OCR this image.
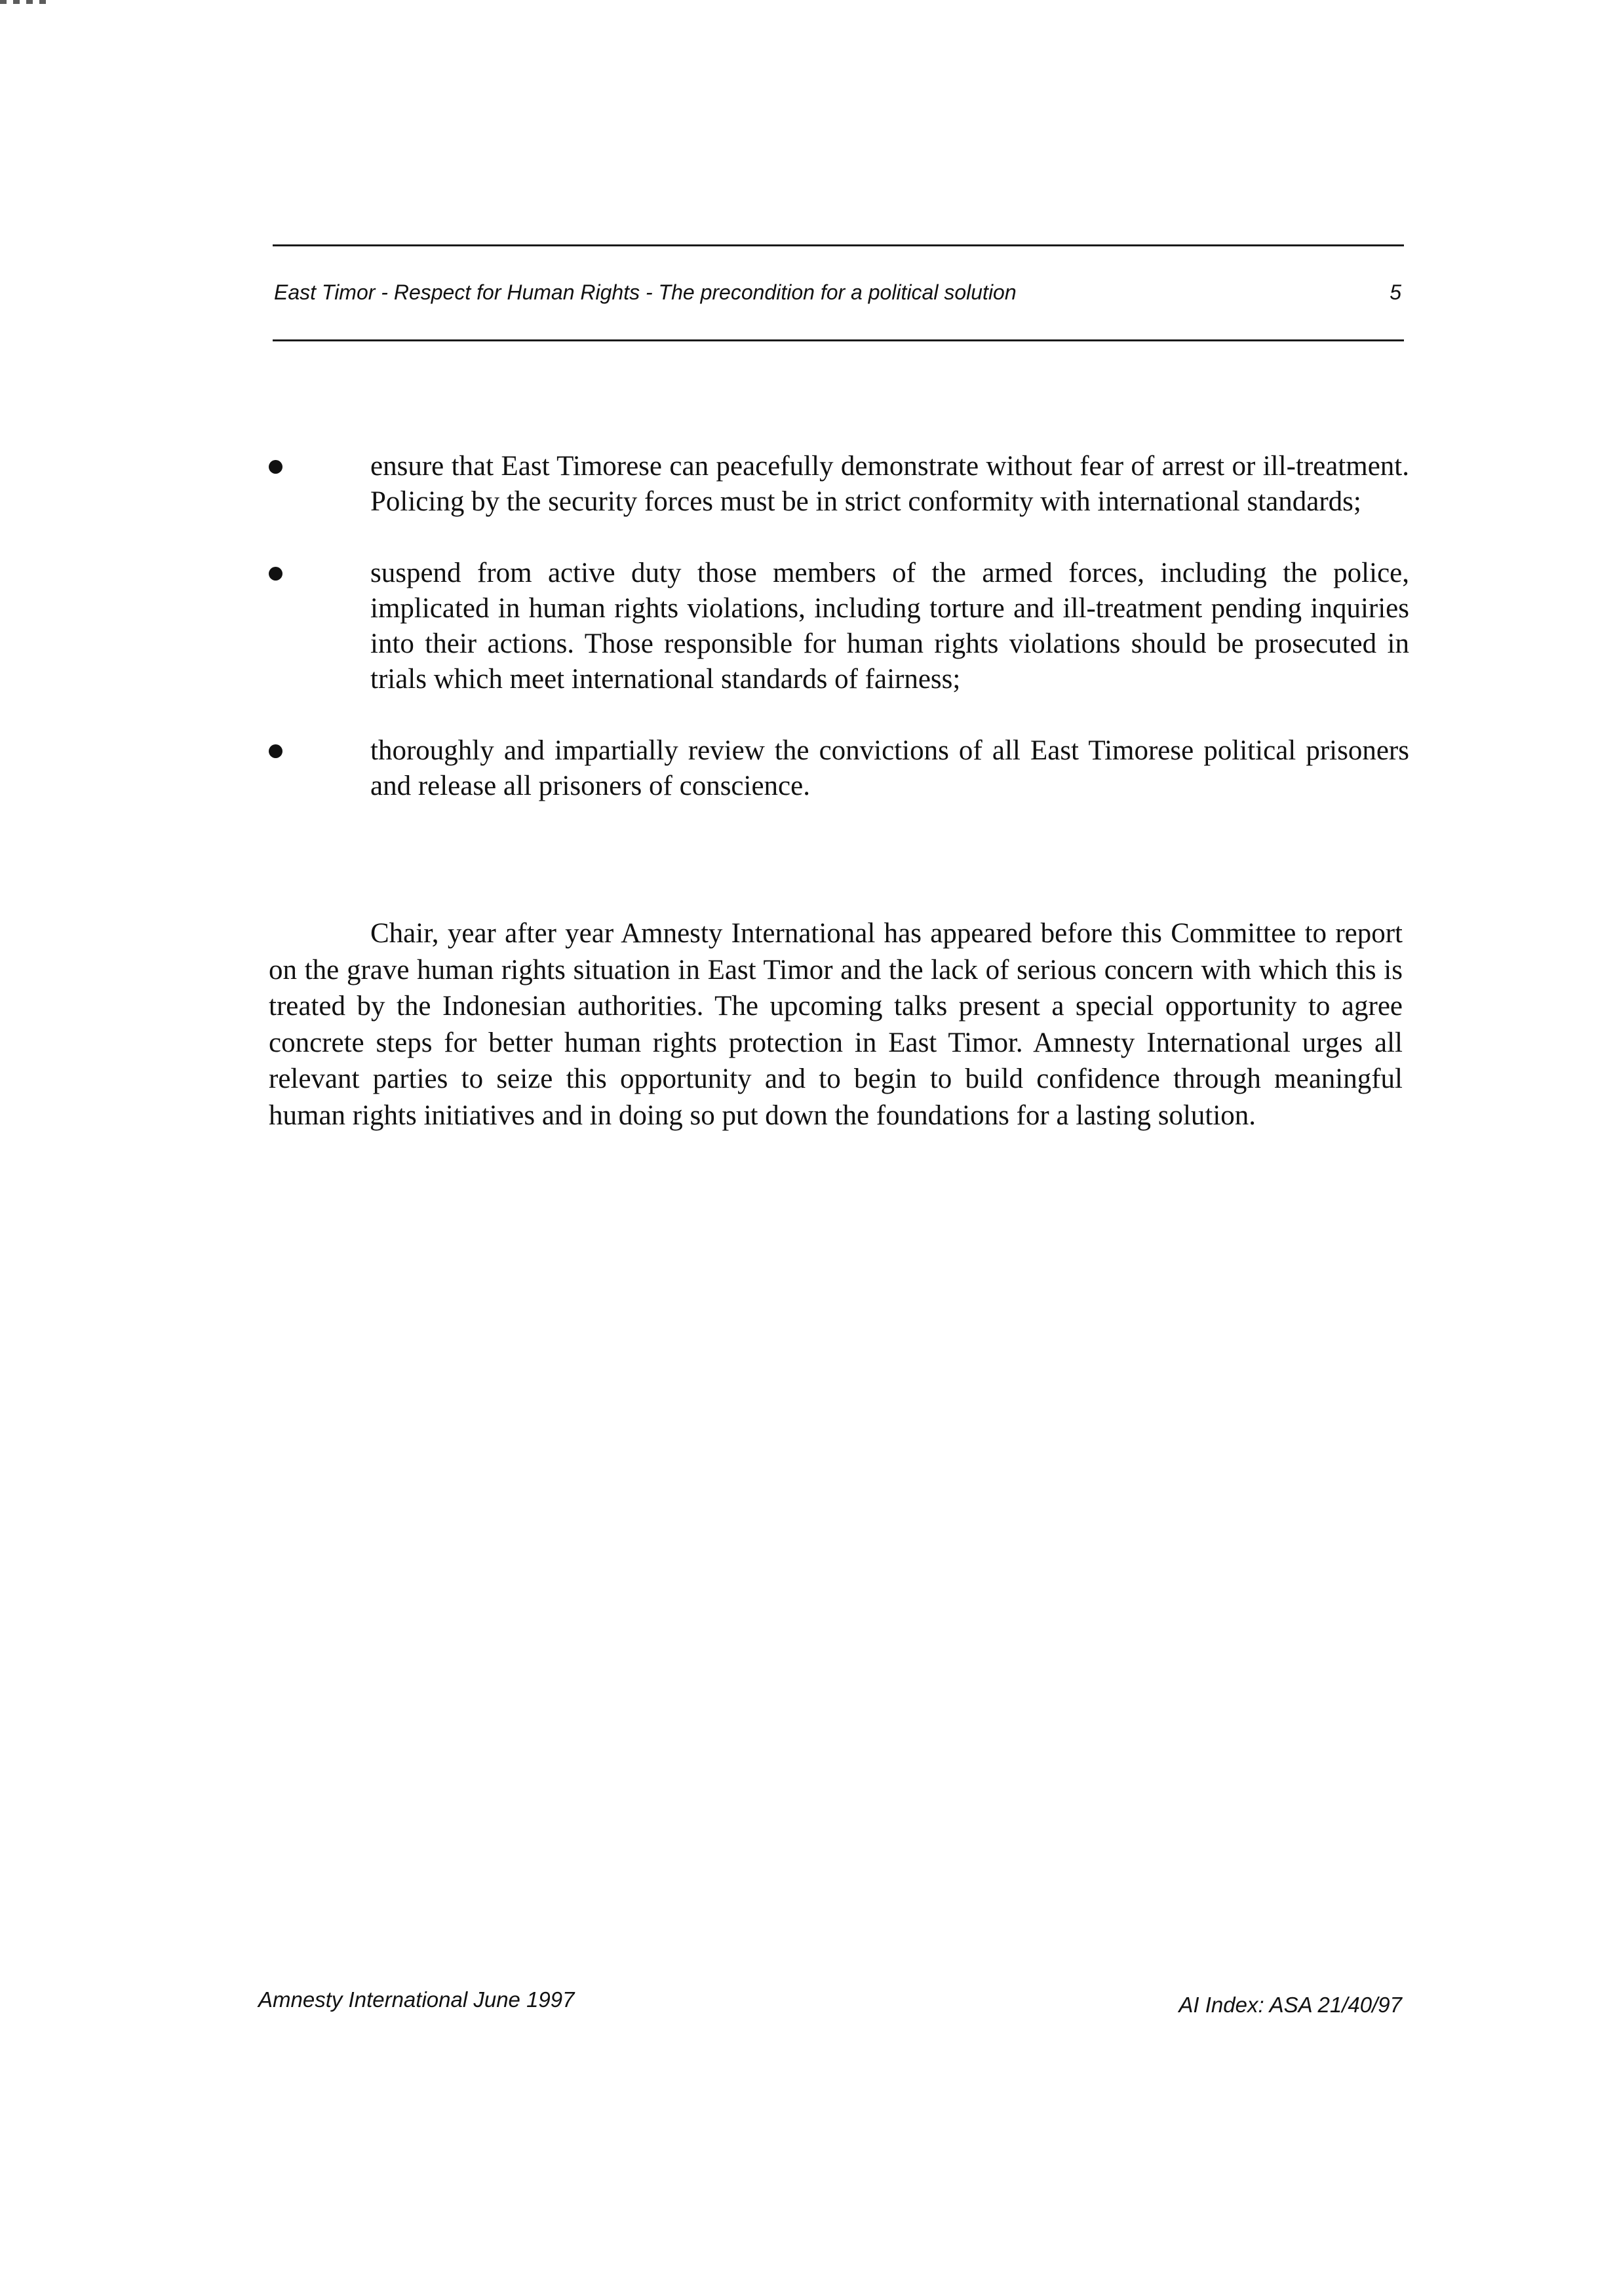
East Timor - Respect for Human Rights - The precondition for a political solution	5
ensure that East Timorese can peacefully demonstrate without fear of arrest or ill-treatment. Policing by the security forces must be in strict conformity with international standards;
suspend from active duty those members of the armed forces, including the police, implicated in human rights violations, including torture and ill-treatment pending inquiries into their actions. Those responsible for human rights violations should be prosecuted in trials which meet international standards of fairness;
thoroughly and impartially review the convictions of all East Timorese political prisoners and release all prisoners of conscience.

Chair, year after year Amnesty International has appeared before this Committee to report on the grave human rights situation in East Timor and the lack of serious concern with which this is treated by the Indonesian authorities. The upcoming talks present a special opportunity to agree concrete steps for better human rights protection in East Timor. Amnesty International urges all relevant parties to seize this opportunity and to begin to build confidence through meaningful human rights initiatives and in doing so put down the foundations for a lasting solution.

Amnesty International June 1997	AI Index: ASA 21/40/97
